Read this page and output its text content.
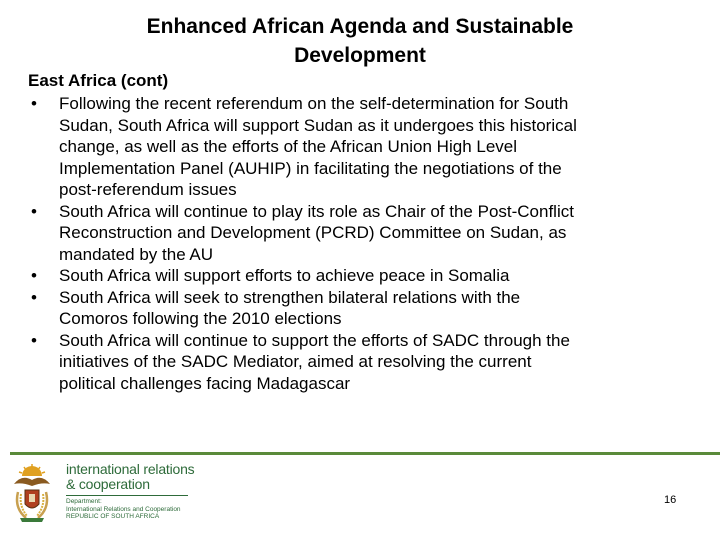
Enhanced African Agenda and Sustainable
Development
East Africa (cont)
• Following the recent referendum on the self-determination for South
Sudan, South Africa will support Sudan as it undergoes this historical
change, as well as the efforts of the African Union High Level
Implementation Panel (AUHIP) in facilitating the negotiations of the
post-referendum issues
• South Africa will continue to play its role as Chair of the Post-Conflict
Reconstruction and Development (PCRD) Committee on Sudan, as
mandated by the AU
• South Africa will support efforts to achieve peace in Somalia
• South Africa will seek to strengthen bilateral relations with the
Comoros following the 2010 elections
• South Africa will continue to support the efforts of SADC through the
initiatives of the SADC Mediator, aimed at resolving the current
political challenges facing Madagascar
international relations
& cooperation
Department:
International Relations and Cooperation
REPUBLIC OF SOUTH AFRICA
16
